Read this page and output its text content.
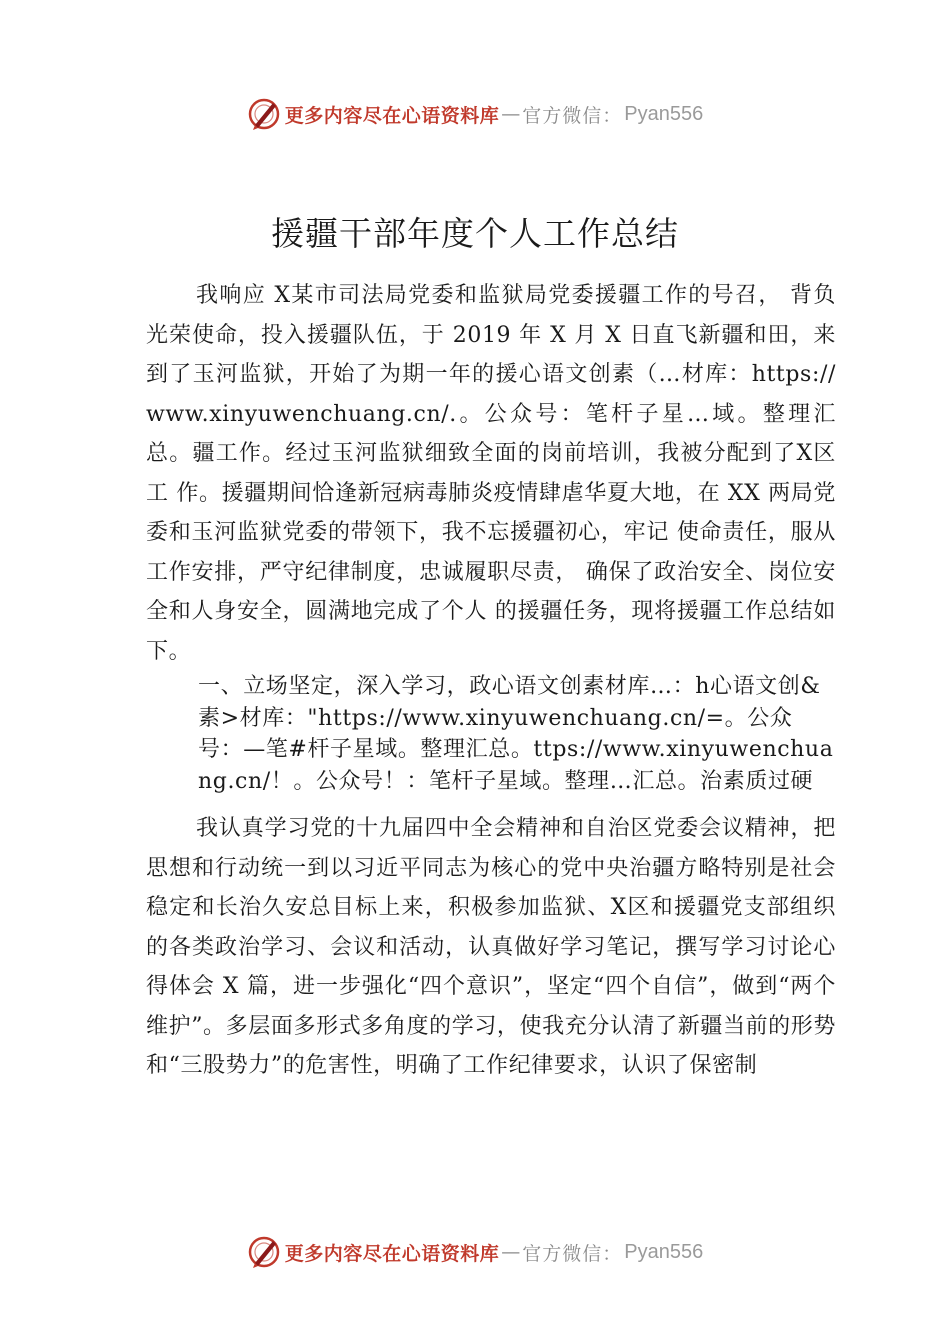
更多内容尽在心语资料库 — 官方微信： Pyan556
援疆干部年度个人工作总结

我响应 X某市司法局党委和监狱局党委援疆工作的号召， 背负光荣使命，投入援疆队伍，于 2019 年 X 月 X 日直飞新疆和田，来到了玉河监狱，开始了为期一年的援心语文创素（…材库：https://www.xinyuwenchuang.cn/.。公众号：笔杆子星…域。整理汇总。疆工作。经过玉河监狱细致全面的岗前培训，我被分配到了X区工 作。援疆期间恰逢新冠病毒肺炎疫情肆虐华夏大地，在 XX 两局党委和玉河监狱党委的带领下，我不忘援疆初心，牢记 使命责任，服从工作安排，严守纪律制度，忠诚履职尽责， 确保了政治安全、岗位安全和人身安全，圆满地完成了个人 的援疆任务，现将援疆工作总结如下。

一、立场坚定，深入学习，政心语文创素材库…：h心语文创&素>材库："https://www.xinyuwenchuang.cn/=。公众号：—笔#杆子星域。整理汇总。ttps://www.xinyuwenchuang.cn/！。公众号！：笔杆子星域。整理…汇总。治素质过硬

我认真学习党的十九届四中全会精神和自治区党委会议精神，把思想和行动统一到以习近平同志为核心的党中央治疆方略特别是社会稳定和长治久安总目标上来，积极参加监狱、X区和援疆党支部组织的各类政治学习、会议和活动，认真做好学习笔记，撰写学习讨论心得体会 X 篇，进一步强化“四个意识”，坚定“四个自信”，做到“两个维护”。多层面多形式多角度的学习，使我充分认清了新疆当前的形势和“三股势力”的危害性，明确了工作纪律要求，认识了保密制

更多内容尽在心语资料库 — 官方微信： Pyan556
